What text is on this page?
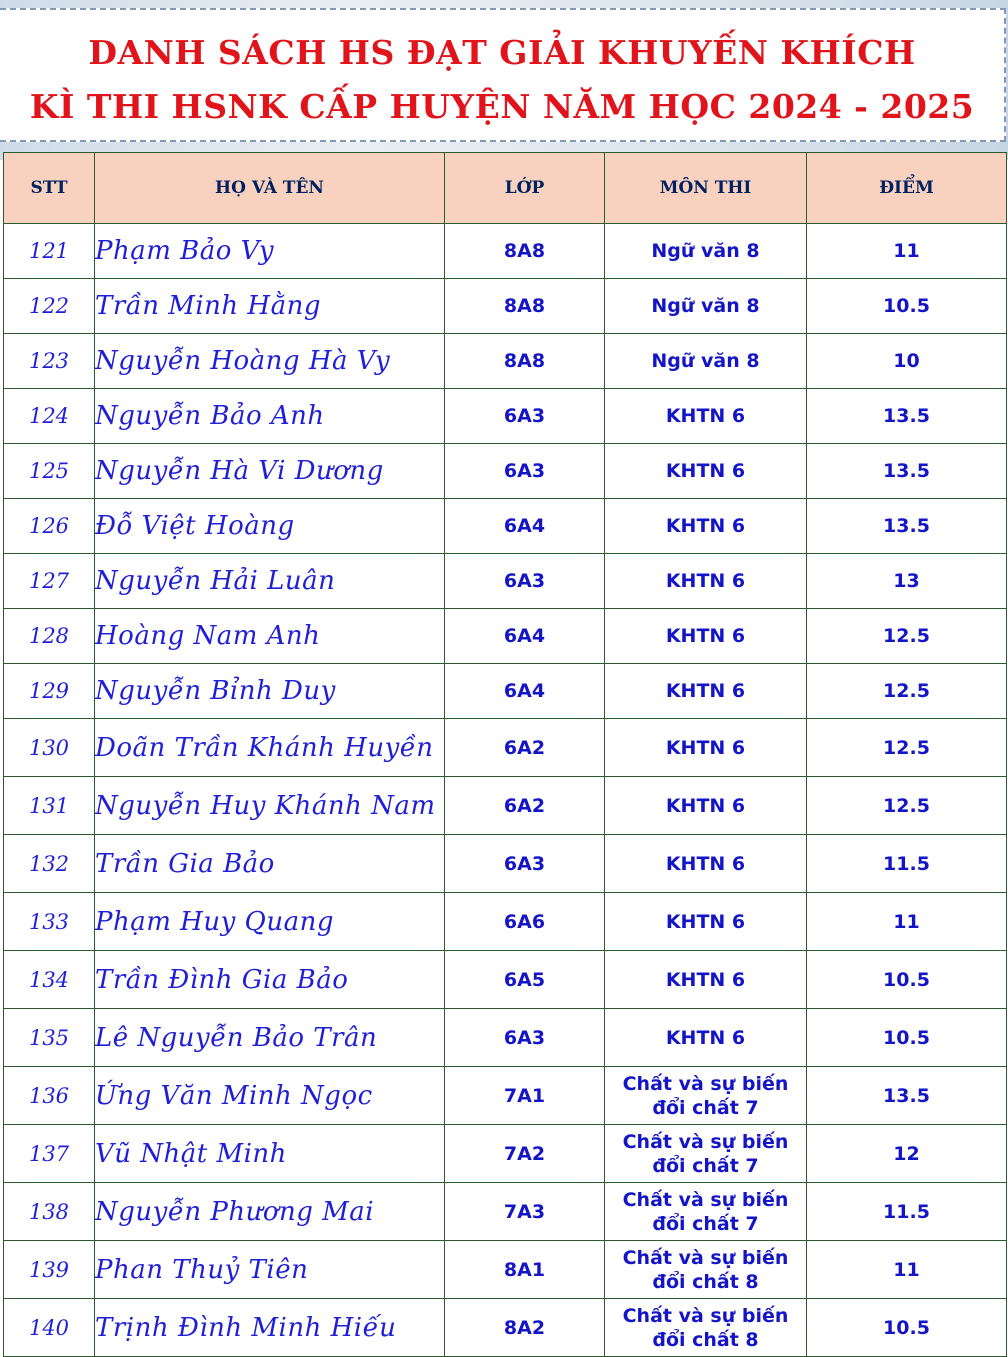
DANH SÁCH HS ĐẠT GIẢI KHUYẾN KHÍCH
KÌ THI HSNK CẤP HUYỆN NĂM HỌC 2024 - 2025
STT	HỌ VÀ TÊN	LỚP	MÔN THI	ĐIỂM
121	Phạm Bảo Vy	8A8	Ngữ văn 8	11
122	Trần Minh Hằng	8A8	Ngữ văn 8	10.5
123	Nguyễn Hoàng Hà Vy	8A8	Ngữ văn 8	10
124	Nguyễn Bảo Anh	6A3	KHTN 6	13.5
125	Nguyễn Hà Vi Dương	6A3	KHTN 6	13.5
126	Đỗ Việt Hoàng	6A4	KHTN 6	13.5
127	Nguyễn Hải Luân	6A3	KHTN 6	13
128	Hoàng Nam Anh	6A4	KHTN 6	12.5
129	Nguyễn Bỉnh Duy	6A4	KHTN 6	12.5
130	Doãn Trần Khánh Huyền	6A2	KHTN 6	12.5
131	Nguyễn Huy Khánh Nam	6A2	KHTN 6	12.5
132	Trần Gia Bảo	6A3	KHTN 6	11.5
133	Phạm Huy Quang	6A6	KHTN 6	11
134	Trần Đình Gia Bảo	6A5	KHTN 6	10.5
135	Lê Nguyễn Bảo Trân	6A3	KHTN 6	10.5
136	Ứng Văn Minh Ngọc	7A1	Chất và sự biến đổi chất 7	13.5
137	Vũ Nhật Minh	7A2	Chất và sự biến đổi chất 7	12
138	Nguyễn Phương Mai	7A3	Chất và sự biến đổi chất 7	11.5
139	Phan Thuỷ Tiên	8A1	Chất và sự biến đổi chất 8	11
140	Trịnh Đình Minh Hiếu	8A2	Chất và sự biến đổi chất 8	10.5
